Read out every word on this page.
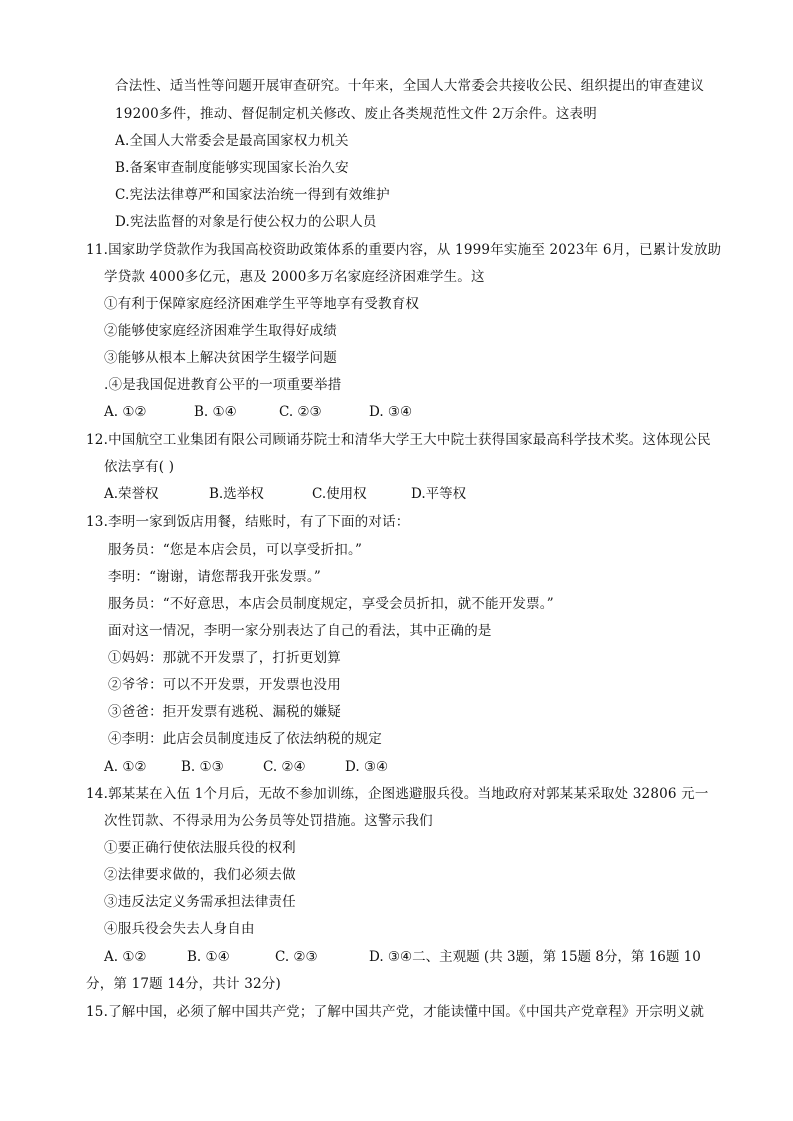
合法性、适当性等问题开展审查研究。十年来，全国人大常委会共接收公民、组织提出的审查建议
19200多件，推动、督促制定机关修改、废止各类规范性文件 2万余件。这表明
A.全国人大常委会是最高国家权力机关
B.备案审查制度能够实现国家长治久安
C.宪法法律尊严和国家法治统一得到有效维护
D.宪法监督的对象是行使公权力的公职人员
11.国家助学贷款作为我国高校资助政策体系的重要内容，从 1999年实施至 2023年 6月，已累计发放助
学贷款 4000多亿元，惠及 2000多万名家庭经济困难学生。这
①有利于保障家庭经济困难学生平等地享有受教育权
②能够使家庭经济困难学生取得好成绩
③能够从根本上解决贫困学生辍学问题
.④是我国促进教育公平的一项重要举措
A. ①②	B. ①④	C. ②③	D. ③④
12.中国航空工业集团有限公司顾诵芬院士和清华大学王大中院士获得国家最高科学技术奖。这体现公民
依法享有( )
A.荣誉权	B.选举权	C.使用权	D.平等权
13.李明一家到饭店用餐，结账时，有了下面的对话：
服务员：“您是本店会员，可以享受折扣。”
李明：“谢谢，请您帮我开张发票。”
服务员：“不好意思，本店会员制度规定，享受会员折扣，就不能开发票。”
面对这一情况，李明一家分别表达了自己的看法，其中正确的是
①妈妈：那就不开发票了，打折更划算
②爷爷：可以不开发票，开发票也没用
③爸爸：拒开发票有逃税、漏税的嫌疑
④李明：此店会员制度违反了依法纳税的规定
A. ①②	B. ①③	C. ②④	D. ③④
14.郭某某在入伍 1个月后，无故不参加训练，企图逃避服兵役。当地政府对郭某某采取处 32806 元一
次性罚款、不得录用为公务员等处罚措施。这警示我们
①要正确行使依法服兵役的权利
②法律要求做的，我们必须去做
③违反法定义务需承担法律责任
④服兵役会失去人身自由
A. ①②	B. ①④	C. ②③	D. ③④二、主观题 (共 3题，第 15题 8分，第 16题 10
分，第 17题 14分，共计 32分)
15.了解中国，必须了解中国共产党；了解中国共产党，才能读懂中国。《中国共产党章程》开宗明义就
